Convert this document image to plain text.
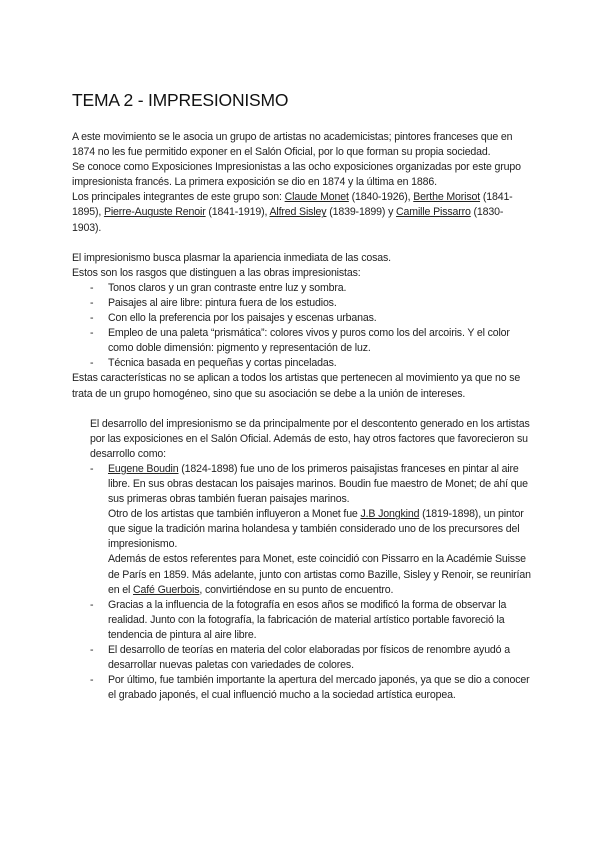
TEMA 2 - IMPRESIONISMO

A este movimiento se le asocia un grupo de artistas no academicistas; pintores franceses que en 1874 no les fue permitido exponer en el Salón Oficial, por lo que forman su propia sociedad.

Se conoce como Exposiciones Impresionistas a las ocho exposiciones organizadas por este grupo impresionista francés. La primera exposición se dio en 1874 y la última en 1886.

Los principales integrantes de este grupo son: Claude Monet (1840-1926), Berthe Morisot (1841-1895), Pierre-Auguste Renoir (1841-1919), Alfred Sisley (1839-1899) y Camille Pissarro (1830-1903).

El impresionismo busca plasmar la apariencia inmediata de las cosas.

Estos son los rasgos que distinguen a las obras impresionistas:

- Tonos claros y un gran contraste entre luz y sombra.
- Paisajes al aire libre: pintura fuera de los estudios.
- Con ello la preferencia por los paisajes y escenas urbanas.
- Empleo de una paleta “prismática”: colores vivos y puros como los del arcoiris. Y el color como doble dimensión: pigmento y representación de luz.
- Técnica basada en pequeñas y cortas pinceladas.

Estas características no se aplican a todos los artistas que pertenecen al movimiento ya que no se trata de un grupo homogéneo, sino que su asociación se debe a la unión de intereses.

El desarrollo del impresionismo se da principalmente por el descontento generado en los artistas por las exposiciones en el Salón Oficial. Además de esto, hay otros factores que favorecieron su desarrollo como:

- Eugene Boudin (1824-1898) fue uno de los primeros paisajistas franceses en pintar al aire libre. En sus obras destacan los paisajes marinos. Boudin fue maestro de Monet; de ahí que sus primeras obras también fueran paisajes marinos.

Otro de los artistas que también influyeron a Monet fue J.B Jongkind (1819-1898), un pintor que sigue la tradición marina holandesa y también considerado uno de los precursores del impresionismo.

Además de estos referentes para Monet, este coincidió con Pissarro en la Académie Suisse de París en 1859. Más adelante, junto con artistas como Bazille, Sisley y Renoir, se reunirían en el Café Guerbois, convirtiéndose en su punto de encuentro.

- Gracias a la influencia de la fotografía en esos años se modificó la forma de observar la realidad. Junto con la fotografía, la fabricación de material artístico portable favoreció la tendencia de pintura al aire libre.
- El desarrollo de teorías en materia del color elaboradas por físicos de renombre ayudó a desarrollar nuevas paletas con variedades de colores.
- Por último, fue también importante la apertura del mercado japonés, ya que se dio a conocer el grabado japonés, el cual influenció mucho a la sociedad artística europea.
